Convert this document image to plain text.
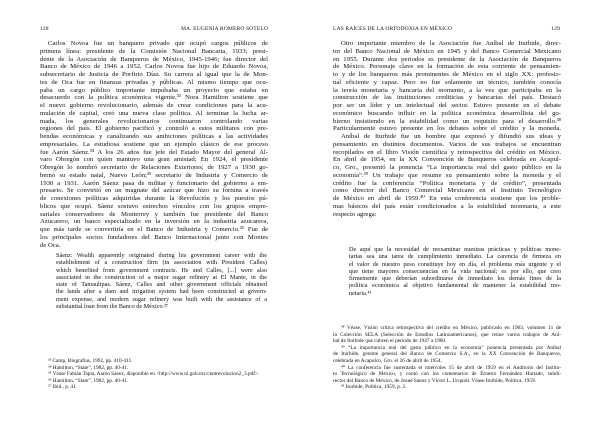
128	MA. EUGENIA ROMERO SOTELO
Carlos Novoa fue un banquero privado que ocupó cargos públicos de
primera línea: presidente de la Comisión Nacional Bancaria, 1933; presi-
dente de la Asociación de Banqueros de México, 1945-1946; fue director del
Banco de México de 1946 a 1952. Carlos Novoa fue hijo de Eduardo Novoa,
subsecretario de Justicia de Porfirio Díaz. Su carrera al igual que la de Mon-
tes de Oca fue en finanzas privadas y públicas. Al mismo tiempo que ocu-
paba un cargo público importante impulsaba un proyecto que estaba en
desacuerdo con la política económica vigente.³³ Nora Hamilton sostiene que
el nuevo gobierno revolucionario, además de crear condiciones para la acu-
mulación de capital, creó una nueva clase política. Al terminar la lucha ar-
mada, los generales revolucionarios continuaron controlando varias
regiones del país. El gobierno pacificó y controló a estos militares con pre-
bendas económicas y canalizando sus ambiciones políticas a las actividades
empresariales. La estudiosa sostiene que un ejemplo clásico de ese proceso
fue Aarón Sáenz.³⁴ A los 26 años fue jefe del Estado Mayor del general Ál-
varo Obregón con quien mantuvo una gran amistad; En 1924, el presidente
Obregón lo nombró secretario de Relaciones Exteriores; de 1927 a 1930 go-
bernó su estado natal, Nuevo León;³⁵ secretario de Industria y Comercio de
1930 a 1931. Aarón Sáenz pasa de militar y funcionario del gobierno a em-
presario. Se convirtió en un magnate del azúcar que hizo su fortuna a través
de conexiones políticas adquiridas durante la Revolución y los puestos pú-
blicos que ocupó. Sáenz sostuvo estrechos vínculos con los grupos empre-
sariales conservadores de Monterrey y también fue presidente del Banco
Azucarero, un banco especializado en la inversión en la industria azucarera,
que más tarde se convertiría en el Banco de Industria y Comercio.³⁶ Fue de
los principales socios fundadores del Banco Internacional junto con Montes
de Oca.
Sáenz: Wealth apparently originated during his government career with the
establishment of a construction firm (in association with President Calles)
which benefited from government contracts. He and Calles, [...] were also
associated in the construction of a major sugar refinery at El Mante, in the
state of Tamaulipas. Sáenz, Calles and other government officials obtained
the lands after a dam and irrigation system had been constructed at govern-
ment expense, and modern sugar refinery was built with the assistance of a
substantial loan from the Banco de México.³⁷
³³ Camp, Biografías, 1992, pp. 410-411.
³⁴ Hamilton, “State”, 1982, pp. 40-41.
³⁵ Véase Fabián Tapia, Aarón Sáenz, disponible en <http://www.nl.gob.mx/centrevolucion2_3.pdf>.
³⁶ Hamilton, “State”, 1982, pp. 40-41.
³⁷ Ibid., p. 41.
LAS RAÍCES DE LA ORTODOXIA EN MÉXICO	129
Otro importante miembro de la Asociación fue Aníbal de Iturbide, direc-
tor del Banco Nacional de México en 1945 y del Banco Comercial Mexicano
en 1955. Durante dos periodos es presidente de la Asociación de Banqueros
de México. Personaje clave en la formación de esta corriente de pensamien-
to y de los banqueros más prominentes de México en el siglo XX: profesio-
nal eficiente y capaz. Pero no fue solamente un técnico, también conocía
la teoría monetaria y bancaria del momento, a la vez que participaba en la
construcción de las instituciones crediticias y bancarias del país. Destacó
por ser un líder y un intelectual del sector. Estuvo presente en el debate
económico buscando influir en la política económica desarrollista del go-
bierno insistiendo en la estabilidad como un requisito para el desarrollo.³⁸
Particularmente estuvo presente en los debates sobre el crédito y la moneda.
Aníbal de Iturbide fue un hombre que expresó y difundió sus ideas y
pensamiento en distintos documentos. Varios de sus trabajos se encuentran
recopilados en el libro Visión científica y retrospectiva del crédito en México.
En abril de 1954, en la XX Convención de Banqueros celebrada en Acapul-
co, Gro., presentó la ponencia “La importancia real del gasto público en la
economía”.³⁹ Un trabajo que resume su pensamiento sobre la moneda y el
crédito fue la conferencia “Política monetaria y de crédito”, presentada
como director del Banco Comercial Mexicano en el Instituto Tecnológico
de México en abril de 1959.⁴⁰ En esta conferencia sostiene que los proble-
mas básicos del país están condicionados a la estabilidad monetaria, a este
respecto agrega:
De aquí que la necesidad de reexaminar nuestras prácticas y políticas mone-
tarias sea una tarea de cumplimiento inmediato. La carencia de firmeza en
el valor de nuestro peso constituye hoy en día, el problema más urgente y el
que tiene mayores consecuencias en la vida nacional; es por ello, que creo
firmemente que deberían subordinarse de inmediato los demás fines de la
política económica al objetivo fundamental de mantener la estabilidad mo-
netaria.⁴¹
³⁸ Véase, Visión crítica retrospectiva del crédito en México, publicado en 1963, volumen 11 de
la Colección SELA (Selección de Estudios Latinoamericanos), que reúne varios trabajos de Aní-
bal de Iturbide que cubren el periodo de 1947 a 1960.
³⁹ “La importancia real del gasto público en la economía” ponencia presentada por Aníbal
de Iturbide, gerente general del Banco de Comercio S.A., en la XX Convención de Banqueros,
celebrada en Acapulco, Gro. el 26 de abril de 1954.
⁴⁰ La conferencia fue sustentada el miércoles 15 de abril de 1959 en el Auditorio del Institu-
to Tecnológico de México, y contó con los comentarios de Ernesto Fernández Hurtado, subdi-
rector del Banco de México, de Josué Sáenz y Víctor L. Urquidi. Véase Iturbide, Política, 1959.
⁴¹ Iturbide, Política, 1959, p. 2.
